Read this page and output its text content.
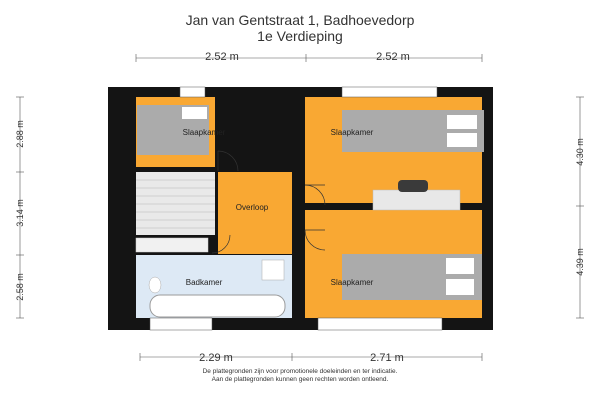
Jan van Gentstraat 1, Badhoevedorp
1e Verdieping
Slaapkamer	Slaapkamer
Overloop
Badkamer	Slaapkamer
2.52 m	2.52 m
2.29 m	2.71 m
2.88 m
3.14 m
2.58 m
4.30 m
4.39 m
De plattegronden zijn voor promotionele doeleinden en ter indicatie.
Aan de plattegronden kunnen geen rechten worden ontleend.
